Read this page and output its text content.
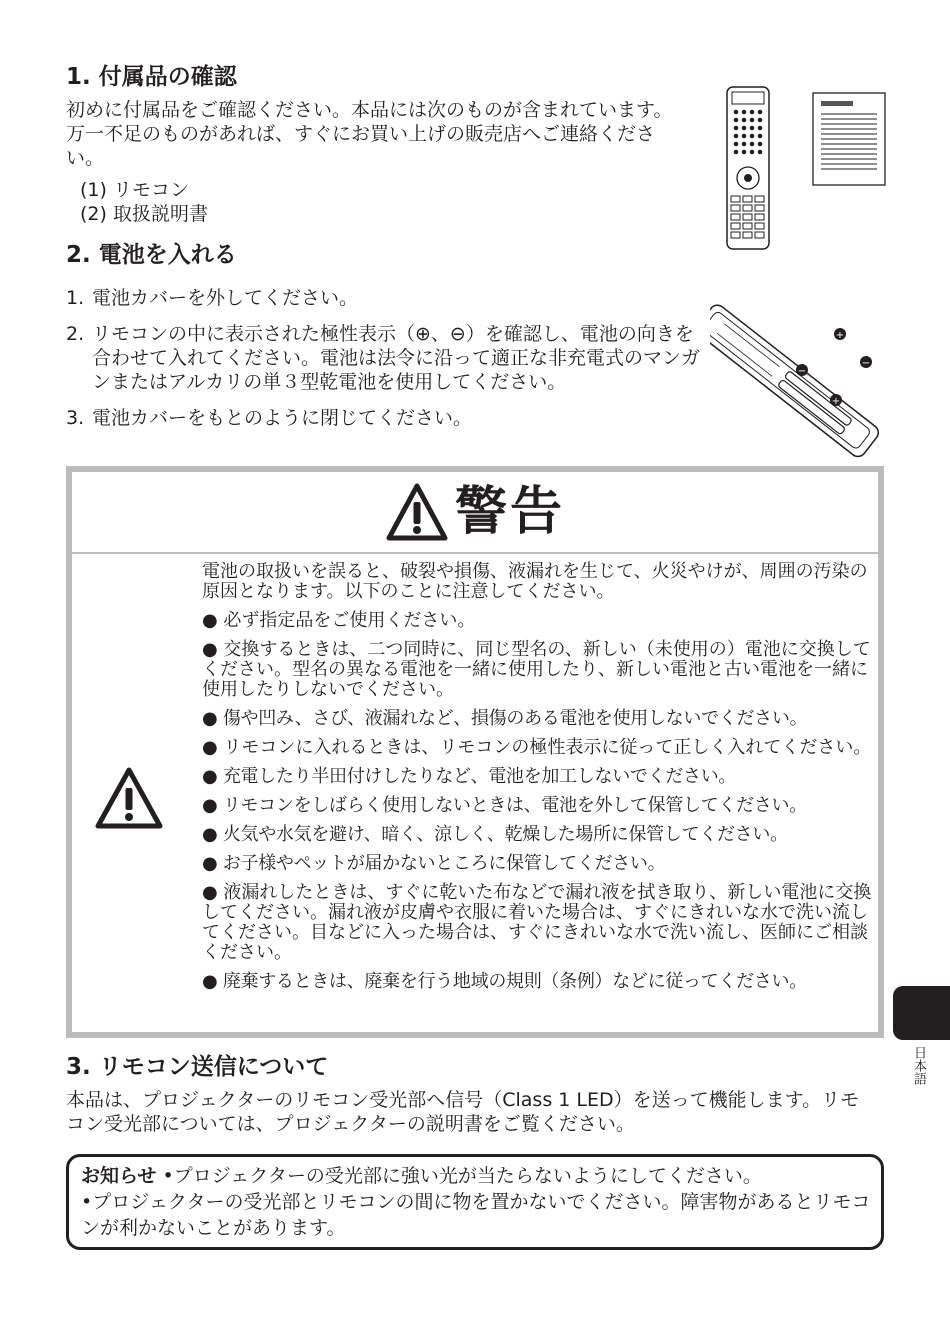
1. 付属品の確認

初めに付属品をご確認ください。本品には次のものが含まれています。万一不足のものがあれば、すぐにお買い上げの販売店へご連絡ください。

(1) リモコン
(2) 取扱説明書
2. 電池を入れる
1. 電池カバーを外してください。
2. リモコンの中に表示された極性表示（⊕、⊖）を確認し、電池の向きを合わせて入れてください。電池は法令に沿って適正な非充電式のマンガンまたはアルカリの単３型乾電池を使用してください。
3. 電池カバーをもとのように閉じてください。
+
−
−
+
警告
電池の取扱いを誤ると、破裂や損傷、液漏れを生じて、火災やけが、周囲の汚染の原因となります。以下のことに注意してください。
● 必ず指定品をご使用ください。
● 交換するときは、二つ同時に、同じ型名の、新しい（未使用の）電池に交換してください。型名の異なる電池を一緒に使用したり、新しい電池と古い電池を一緒に使用したりしないでください。
● 傷や凹み、さび、液漏れなど、損傷のある電池を使用しないでください。
● リモコンに入れるときは、リモコンの極性表示に従って正しく入れてください。
● 充電したり半田付けしたりなど、電池を加工しないでください。
● リモコンをしばらく使用しないときは、電池を外して保管してください。
● 火気や水気を避け、暗く、涼しく、乾燥した場所に保管してください。
● お子様やペットが届かないところに保管してください。
● 液漏れしたときは、すぐに乾いた布などで漏れ液を拭き取り、新しい電池に交換してください。漏れ液が皮膚や衣服に着いた場合は、すぐにきれいな水で洗い流してください。目などに入った場合は、すぐにきれいな水で洗い流し、医師にご相談ください。
● 廃棄するときは、廃棄を行う地域の規則（条例）などに従ってください。
日本語
3. リモコン送信について

本品は、プロジェクターのリモコン受光部へ信号（Class 1 LED）を送って機能します。リモコン受光部については、プロジェクターの説明書をご覧ください。

お知らせ •プロジェクターの受光部に強い光が当たらないようにしてください。
•プロジェクターの受光部とリモコンの間に物を置かないでください。障害物があるとリモコンが利かないことがあります。
